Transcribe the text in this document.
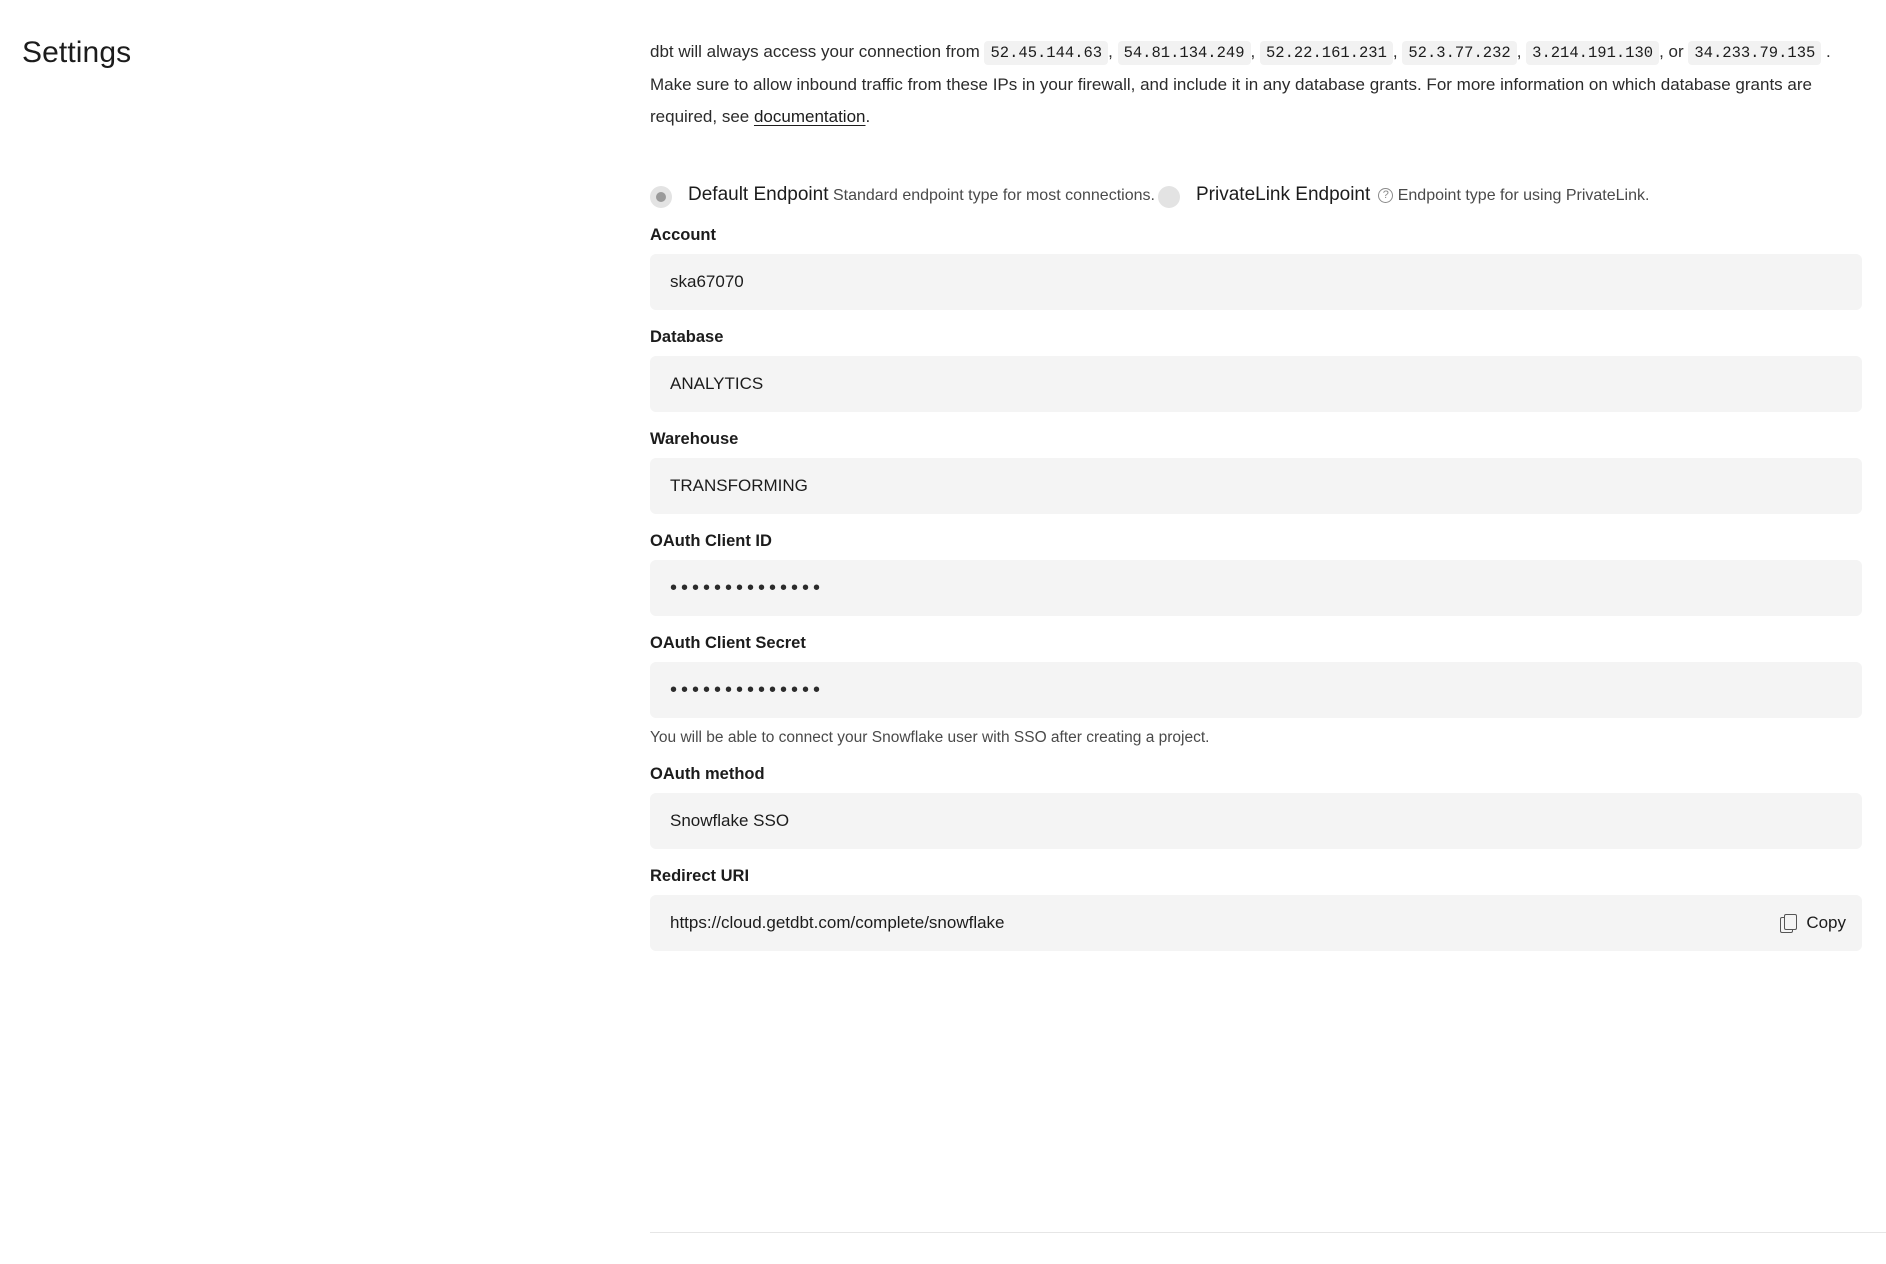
Settings	dbt will always access your connection from 52.45.144.63 , 54.81.134.249 , 52.22.161.231 , 52.3.77.232 , 3.214.191.130 , or 34.233.79.135 . Make sure to allow inbound traffic from these IPs in your firewall, and include it in any database grants. For more information on which database grants are required, see documentation.

Default Endpoint Standard endpoint type for most connections. PrivateLink Endpoint ? Endpoint type for using PrivateLink.
Account
ska67070
Database
ANALYTICS
Warehouse
TRANSFORMING
OAuth Client ID
••••••••••••••
OAuth Client Secret
••••••••••••••
You will be able to connect your Snowflake user with SSO after creating a project.
OAuth method
Snowflake SSO
Redirect URI
https://cloud.getdbt.com/complete/snowflake	Copy
